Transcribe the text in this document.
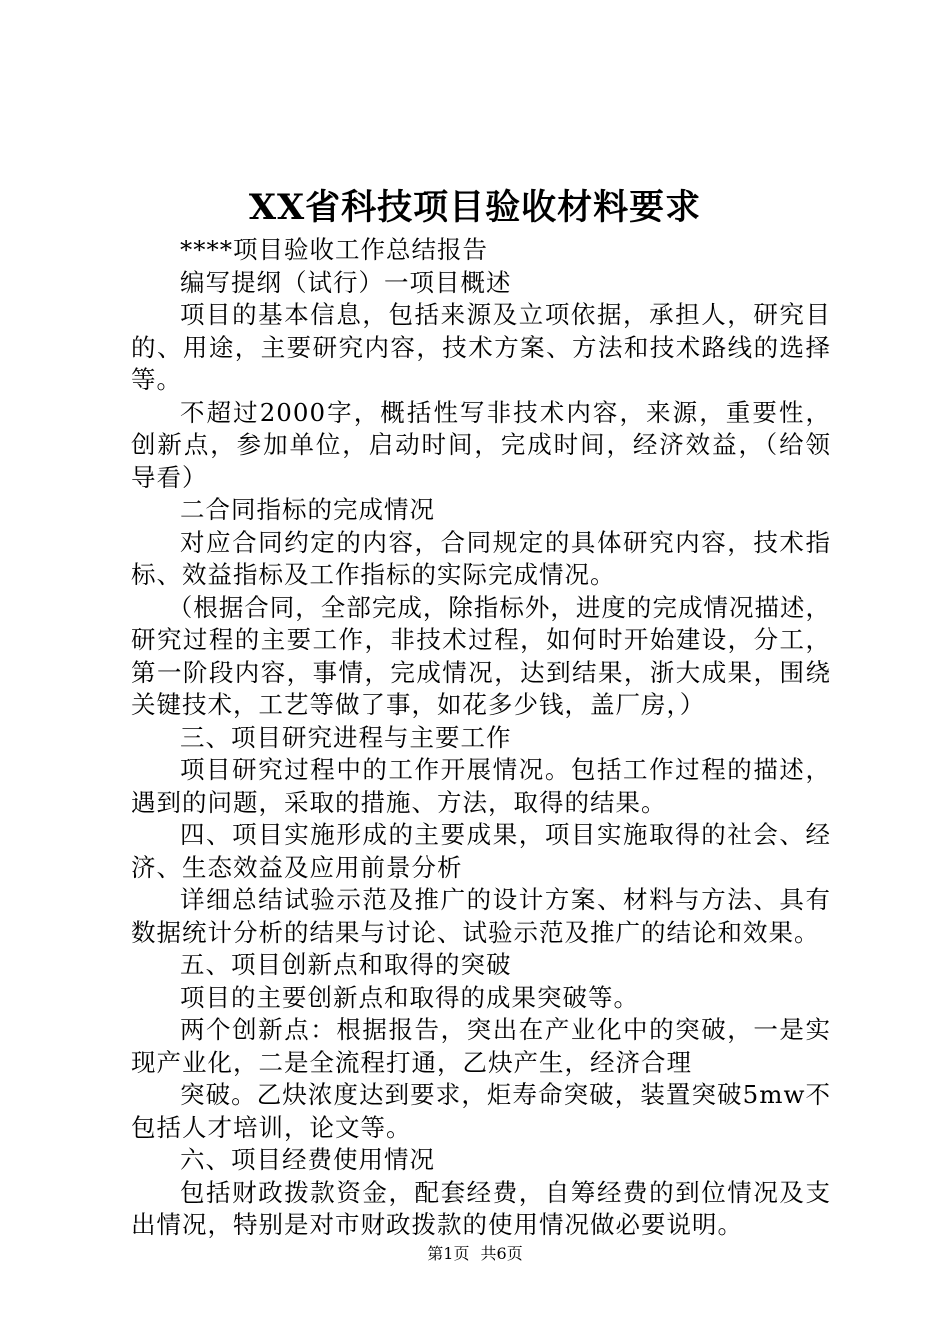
XX省科技项目验收材料要求

****项目验收工作总结报告

编写提纲（试行）一项目概述

项目的基本信息，包括来源及立项依据，承担人，研究目的、用途，主要研究内容，技术方案、方法和技术路线的选择等。

不超过2000字，概括性写非技术内容，来源，重要性，创新点，参加单位，启动时间，完成时间，经济效益，（给领导看）

二合同指标的完成情况

对应合同约定的内容，合同规定的具体研究内容，技术指标、效益指标及工作指标的实际完成情况。

（根据合同，全部完成，除指标外，进度的完成情况描述，研究过程的主要工作，非技术过程，如何时开始建设，分工，第一阶段内容，事情，完成情况，达到结果，浙大成果，围绕关键技术，工艺等做了事，如花多少钱，盖厂房，）

三、项目研究进程与主要工作

项目研究过程中的工作开展情况。包括工作过程的描述，遇到的问题，采取的措施、方法，取得的结果。

四、项目实施形成的主要成果，项目实施取得的社会、经济、生态效益及应用前景分析

详细总结试验示范及推广的设计方案、材料与方法、具有数据统计分析的结果与讨论、试验示范及推广的结论和效果。

五、项目创新点和取得的突破

项目的主要创新点和取得的成果突破等。

两个创新点：根据报告，突出在产业化中的突破，一是实现产业化，二是全流程打通，乙炔产生，经济合理

突破。乙炔浓度达到要求，炬寿命突破，装置突破5mw不包括人才培训，论文等。

六、项目经费使用情况

包括财政拨款资金，配套经费，自筹经费的到位情况及支出情况，特别是对市财政拨款的使用情况做必要说明。

第1页 共6页
